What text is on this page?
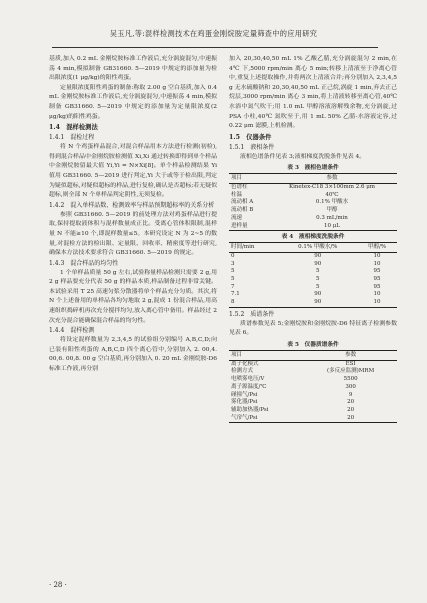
吴玉凡,等:混样检测技术在鸡蛋金刚烷胺定量筛查中的应用研究

基质,加入 0.2 mL 金刚烷胺标准工作液后,充分涡旋混匀,中速振荡 4 min,模拟制备 GB31660. 5—2019 中规定的添加量为检出限浓度(1 μg/kg)的阳性鸡蛋。

定量限浓度阳性鸡蛋的制备:称取 2.00 g 空白基质,加入 0.4 mL 金刚烷胺标准工作液后,充分涡旋混匀,中速振荡 4 min,模拟制备 GB31660. 5—2019 中规定的添加量为定量限浓度(2 μg/kg)的阳性鸡蛋。

1.4　混样检测法
1.4.1　混检过程

将 N 个鸡蛋样品混合,对混合样品用本方法进行检测(初检),得到混合样品中金刚烷胺检测值 Xi,Xi 通过转换即得到单个样品中金刚烷胺留最大值 Yi,Yi = N×Xi[8]。单个样品检测结果 Yi 值用 GB31660. 5—2019 进行判定,Yi 大于或等于检出限,判定为疑似超标,对疑似超标的样品,进行复检,确认是否超标;若无疑似超标,则全部 N 个单样品判定阴性,无须复检。

1.4.2　混入单样品数、检测效率与样品预期超标率的关系分析

参照 GB31660. 5—2019 的前处理方法对鸡蛋样品进行提取,保持提取液体积与混样数量成正比。受离心管体积限制,混样量 N 不能≥10 个,即混样数量≤5。本研究设定 N 为 2~5 的数量,对混检方法的检出限、定量限、回收率、精密度等进行研究,确保本方法技术要求符合 GB31660. 5—2019 的规定。

1.4.3　混合样品的均匀性

1 个单样品质量 50 g 左右,试验称量样品检测只需要 2 g,用 2 g 样品要充分代表 50 g 的样品本质,样品制备过程非常关键。本试验采用 T 25 高速匀浆分散器将单个样品充分匀质。其次,将 N 个上述备用的单样品各均匀地取 2 g,混成 1 份混合样品,用高速组织捣碎机再次充分搅拌均匀,放入离心管中备用。样品经过 2 次充分混合能确保混合样品的均匀性。

1.4.4　混样检测

将设定混样数量为 2,3,4,5 的试验组分别编号 A,B,C,D;向已装有阳性鸡蛋的 A,B,C,D 四个离心管中,分别加入 2. 00,4. 00,6. 00,8. 00 g 空白基质,再分别加入 0. 20 mL 金刚烷胺-D6 标准工作液,再分别

加入 20,30,40,50 mL 1% 乙酸乙腈,充分涡旋混匀 2 min,在 4℃ 下,5000 rpm/min 离心 5 min;转移上清液至于净离心管中,重复上述提取操作,并将两次上清液合并;再分别加入 2,3,4,5 g 无水硫酸钠和 20,30,40,50 mL 正己烷,涡旋 1 min,弃去正己烷层,3000 rpm/min 离心 3 min,将上清液转移至离心管,40℃ 水浴中氮气吹干;用 1.0 mL 甲醇溶液溶解残余物,充分涡旋,过 PSA 小柱,40℃ 氮吹至于,用 1 mL 50% 乙腈-水溶液定容,过 0.22 μm 滤膜,上机检测。

1.5　仪器条件
1.5.1　液相条件

液相色谱条件见表 3;液相梯度洗脱条件见表 4。

表 3　液相色谱条件
项目	参数
色谱柱	Kinetex-C18 3×100mm 2.6 μm
柱温	40℃
流动相 A	0.1% 甲酸水
流动相 B	甲醇
流速	0.3 mL/min
进样量	10 μL
表 4　液相梯度洗脱条件
时间/min	0.1% 甲酸水/%	甲醇/%
0	90	10
3	90	10
5	5	95
5	5	95
7	5	95
7.1	90	10
8	90	10
1.5.2　质谱条件

质谱参数见表 5;金刚烷胺和金刚烷胺-D6 特征离子检测参数见表 6。

表 5　仪器质谱条件
项目	参数
离子化模式	ESI
检测方式	(多反应监测)MRM
电喷雾电压/V	5500
离子源温度/℃	300
碰撞气/Psi	9
雾化器/Psi	20
辅助加热器/Psi	20
气帘气/Psi	20
· 28 ·
